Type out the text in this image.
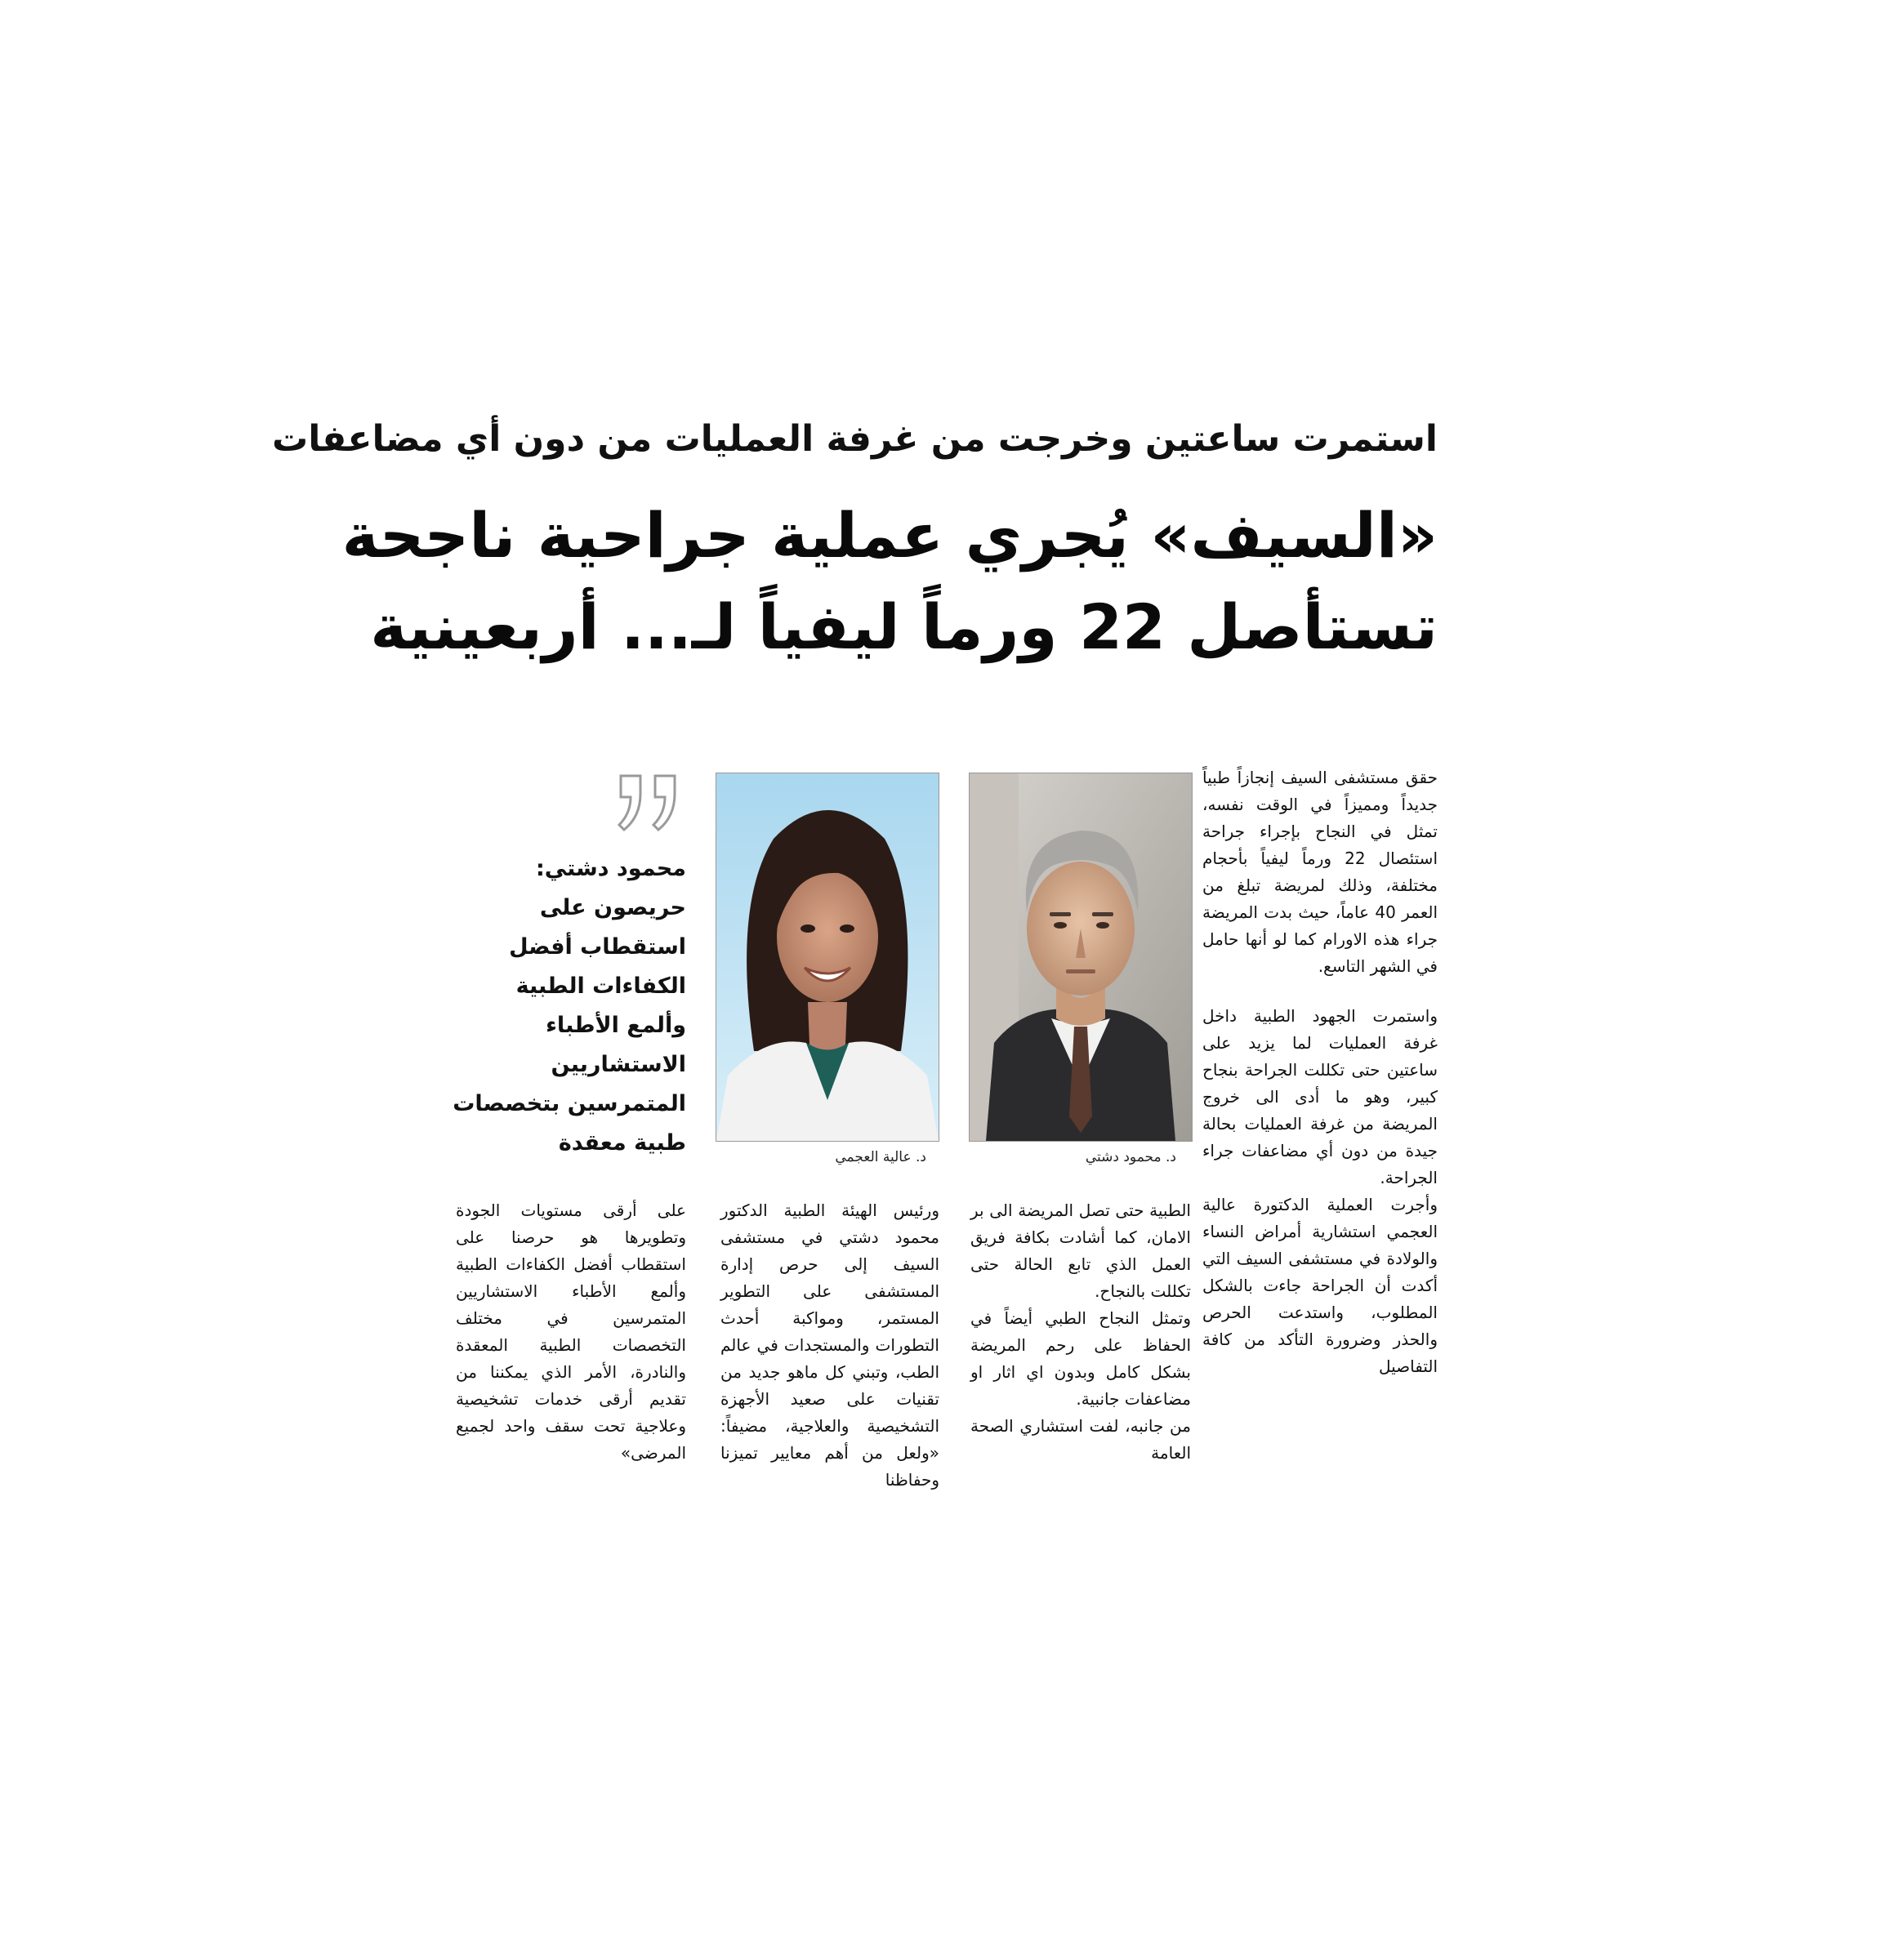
استمرت ساعتين وخرجت من غرفة العمليات من دون أي مضاعفات
«السيف» يُجري عملية جراحية ناجحة
تستأصل 22 ورماً ليفياً لـ... أربعينية

حقق مستشفى السيف إنجازاً طبياً جديداً ومميزاً في الوقت نفسه، تمثل في النجاح بإجراء جراحة استئصال 22 ورماً ليفياً بأحجام مختلفة، وذلك لمريضة تبلغ من العمر 40 عاماً، حيث بدت المريضة جراء هذه الاورام كما لو أنها حامل في الشهر التاسع.

واستمرت الجهود الطبية داخل غرفة العمليات لما يزيد على ساعتين حتى تكللت الجراحة بنجاح كبير، وهو ما أدى الى خروج المريضة من غرفة العمليات بحالة جيدة من دون أي مضاعفات جراء الجراحة.

وأجرت العملية الدكتورة عالية العجمي استشارية أمراض النساء والولادة في مستشفى السيف التي أكدت أن الجراحة جاءت بالشكل المطلوب، واستدعت الحرص والحذر وضرورة التأكد من كافة التفاصيل

د. محمود دشتي
د. عالية العجمي
محمود دشتي:
حريصون على استقطاب أفضل الكفاءات الطبية وألمع الأطباء الاستشاريين المتمرسين بتخصصات طبية معقدة

الطبية حتى تصل المريضة الى بر الامان، كما أشادت بكافة فريق العمل الذي تابع الحالة حتى تكللت بالنجاح.

وتمثل النجاح الطبي أيضاً في الحفاظ على رحم المريضة بشكل كامل وبدون اي اثار او مضاعفات جانبية.

من جانبه، لفت استشاري الصحة العامة

ورئيس الهيئة الطبية الدكتور محمود دشتي في مستشفى السيف إلى حرص إدارة المستشفى على التطوير المستمر، ومواكبة أحدث التطورات والمستجدات في عالم الطب، وتبني كل ماهو جديد من تقنيات على صعيد الأجهزة التشخيصية والعلاجية، مضيفاً: «ولعل من أهم معايير تميزنا وحفاظنا

على أرقى مستويات الجودة وتطويرها هو حرصنا على استقطاب أفضل الكفاءات الطبية وألمع الأطباء الاستشاريين المتمرسين في مختلف التخصصات الطبية المعقدة والنادرة، الأمر الذي يمكننا من تقديم أرقى خدمات تشخيصية وعلاجية تحت سقف واحد لجميع المرضى»
